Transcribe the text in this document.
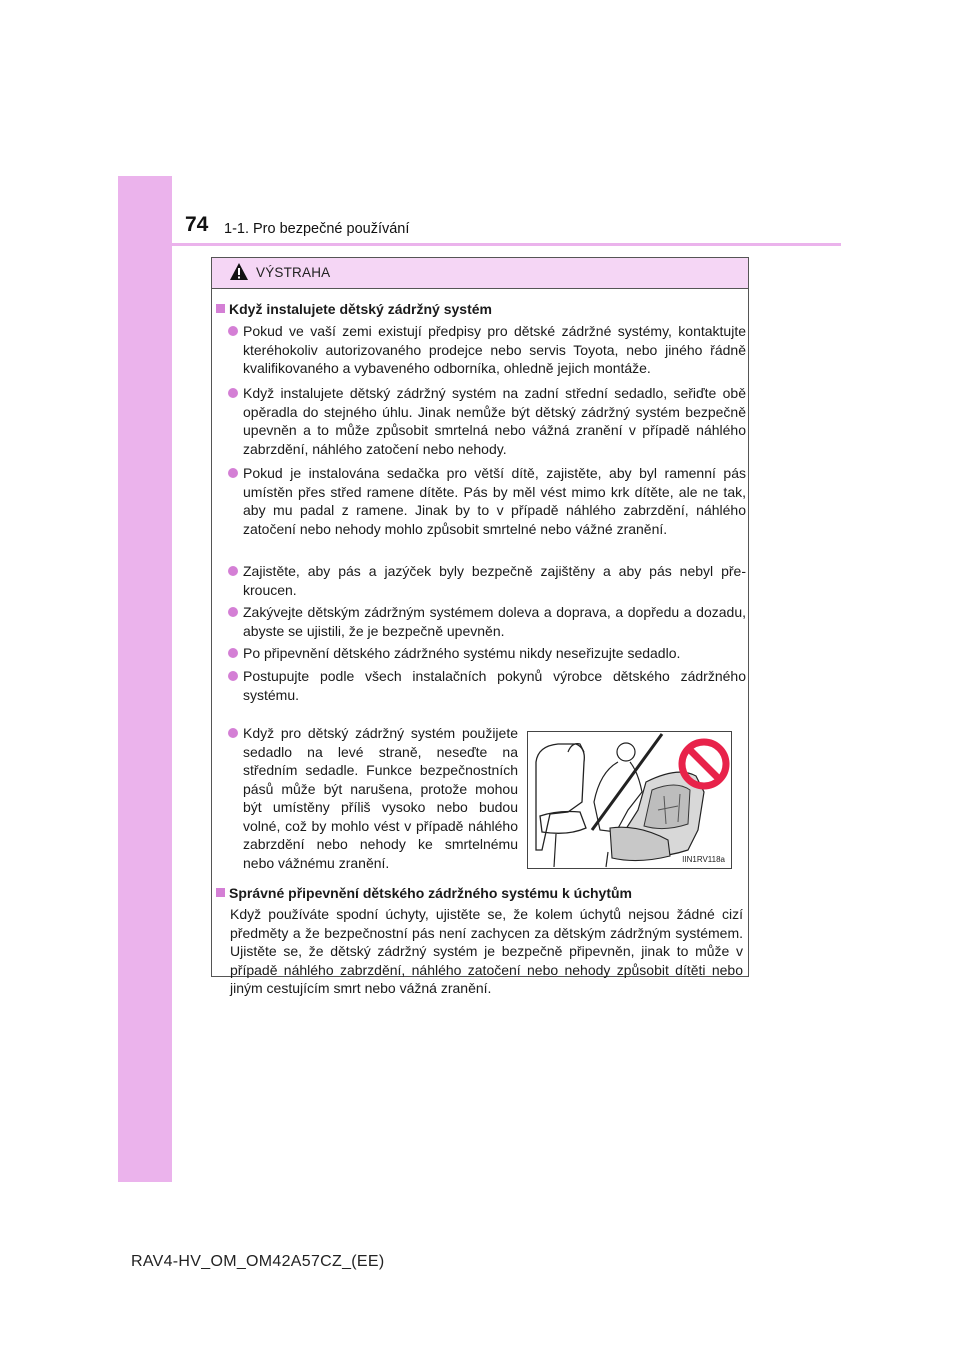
74 1-1. Pro bezpečné používání
VÝSTRAHA
Když instalujete dětský zádržný systém
Pokud ve vaší zemi existují předpisy pro dětské zádržné systémy, kontaktujte kteréhokoliv autorizovaného prodejce nebo servis Toyota, nebo jiného řádně kvalifikovaného a vybaveného odborníka, ohledně jejich montáže.
Když instalujete dětský zádržný systém na zadní střední sedadlo, seřiďte obě opěradla do stejného úhlu. Jinak nemůže být dětský zádržný systém bezpečně upevněn a to může způsobit smrtelná nebo vážná zranění v případě náhlého zabrzdění, náhlého zatočení nebo nehody.
Pokud je instalována sedačka pro větší dítě, zajistěte, aby byl ramenní pás umístěn přes střed ramene dítěte. Pás by měl vést mimo krk dítěte, ale ne tak, aby mu padal z ramene. Jinak by to v případě náhlého zabrzdění, náhlého zatočení nebo nehody mohlo způsobit smrtelné nebo vážné zranění.
Zajistěte, aby pás a jazýček byly bezpečně zajištěny a aby pás nebyl překroucen.
Zakývejte dětským zádržným systémem doleva a doprava, a dopředu a dozadu, abyste se ujistili, že je bezpečně upevněn.
Po připevnění dětského zádržného systému nikdy neseřizujte sedadlo.
Postupujte podle všech instalačních pokynů výrobce dětského zádržného systému.
Když pro dětský zádržný systém použijete sedadlo na levé straně, neseďte na středním sedadle. Funkce bezpečnostních pásů může být narušena, protože mohou být umístěny příliš vysoko nebo budou volné, což by mohlo vést v případě náhlého zabrzdění nebo nehody ke smrtelnému nebo vážnému zranění.	IIN1RV118a
Správné připevnění dětského zádržného systému k úchytům
Když používáte spodní úchyty, ujistěte se, že kolem úchytů nejsou žádné cizí předměty a že bezpečnostní pás není zachycen za dětským zádržným systémem. Ujistěte se, že dětský zádržný systém je bezpečně připevněn, jinak to může v případě náhlého zabrzdění, náhlého zatočení nebo nehody způsobit dítěti nebo jiným cestujícím smrt nebo vážná zranění.
RAV4-HV_OM_OM42A57CZ_(EE)
